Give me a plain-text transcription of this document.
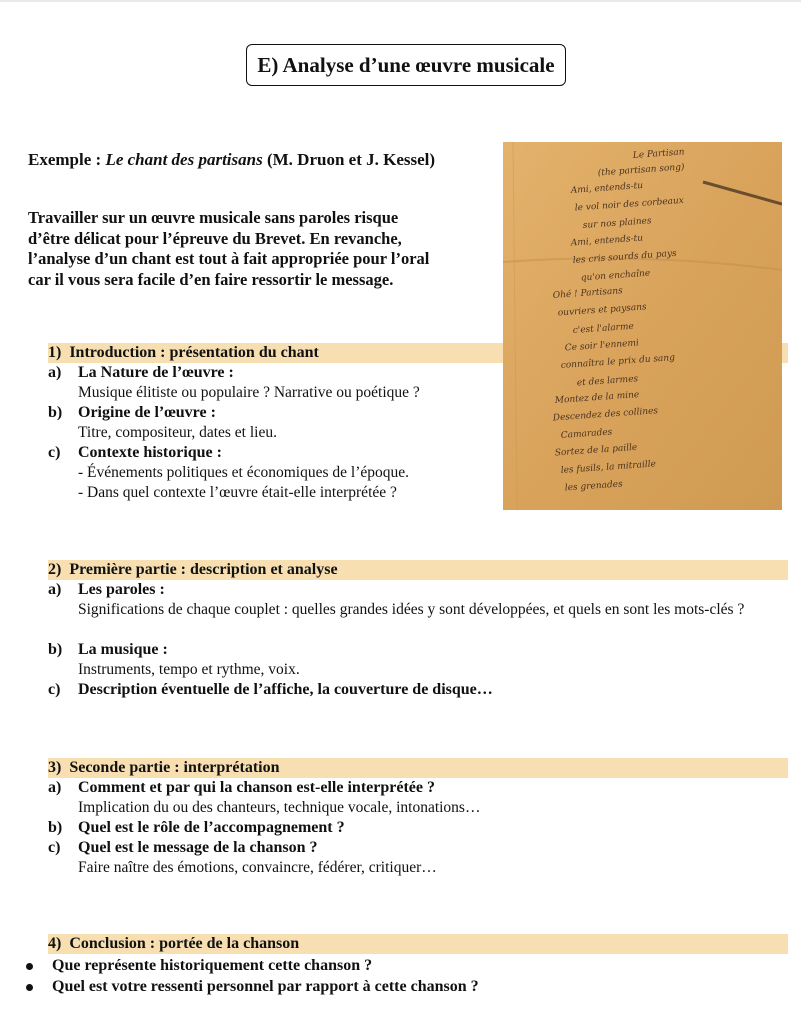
E) Analyse d’une œuvre musicale
Exemple : Le chant des partisans (M. Druon et J. Kessel)
Travailler sur un œuvre musicale sans paroles risque
d’être délicat pour l’épreuve du Brevet. En revanche,
l’analyse d’un chant est tout à fait appropriée pour l’oral
car il vous sera facile d’en faire ressortir le message.
1) Introduction : présentation du chant
a) La Nature de l’œuvre :
Musique élitiste ou populaire ? Narrative ou poétique ?
b) Origine de l’œuvre :
Titre, compositeur, dates et lieu.
c) Contexte historique :
- Événements politiques et économiques de l’époque.
- Dans quel contexte l’œuvre était-elle interprétée ?
Le Partisan
(the partisan song)
Ami, entends-tu
le vol noir des corbeaux
sur nos plaines
Ami, entends-tu
les cris sourds du pays
qu'on enchaîne
Ohé ! Partisans
ouvriers et paysans
c'est l'alarme
Ce soir l'ennemi
connaîtra le prix du sang
et des larmes
Montez de la mine
Descendez des collines
Camarades
Sortez de la paille
les fusils, la mitraille
les grenades
2) Première partie : description et analyse
a) Les paroles :
Significations de chaque couplet : quelles grandes idées y sont développées, et quels en sont les mots-clés ?
b) La musique :
Instruments, tempo et rythme, voix.
c) Description éventuelle de l’affiche, la couverture de disque…
3) Seconde partie : interprétation
a) Comment et par qui la chanson est-elle interprétée ?
Implication du ou des chanteurs, technique vocale, intonations…
b) Quel est le rôle de l’accompagnement ?
c) Quel est le message de la chanson ?
Faire naître des émotions, convaincre, fédérer, critiquer…
4) Conclusion : portée de la chanson
Que représente historiquement cette chanson ?
Quel est votre ressenti personnel par rapport à cette chanson ?
